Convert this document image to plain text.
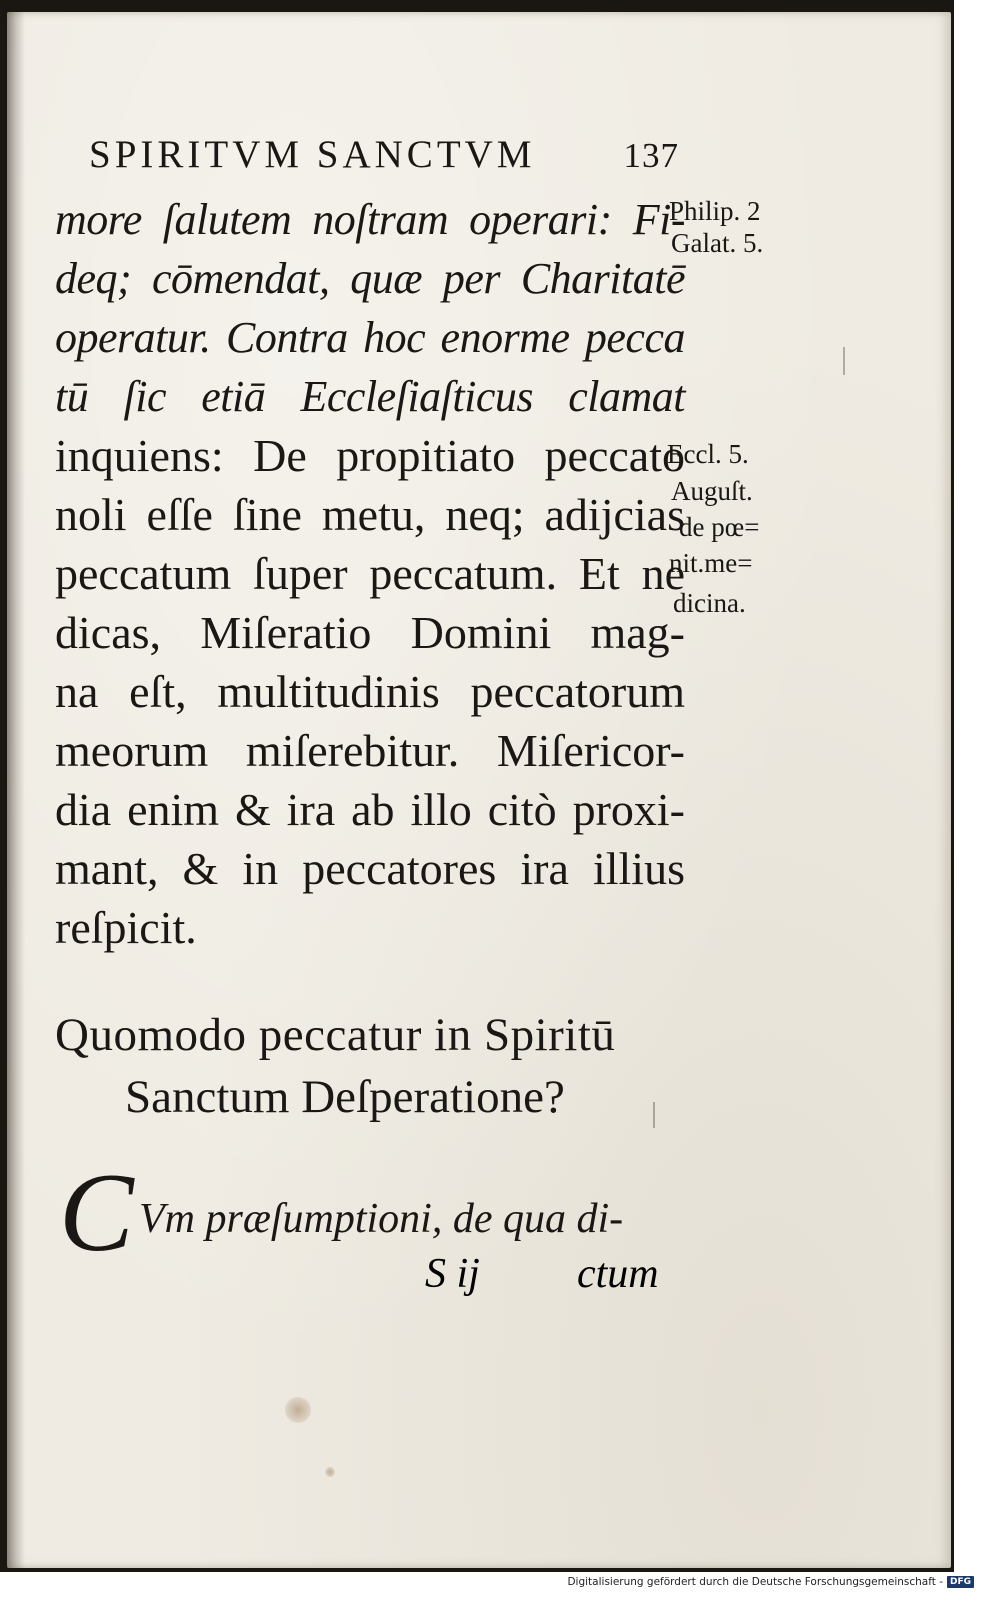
SPIRITVM SANCTVM	137
more ſalutem noſtram operari: Fi-
deq; cōmendat, quæ per Charitatē
operatur. Contra hoc enorme pecca
tū ſic etiā Eccleſiaſticus clamat
inquiens: De propitiato peccato
noli eſſe ſine metu, neq; adijcias
peccatum ſuper peccatum. Et ne
dicas, Miſeratio Domini mag-
na eſt, multitudinis peccatorum
meorum miſerebitur. Miſericor-
dia enim & ira ab illo citò proxi-
mant, & in peccatores ira illius
reſpicit.
Philip. 2
Galat. 5.
Eccl. 5.
Auguſt.
de pœ=
nit.me=
dicina.
Quomodo peccatur in Spiritū
Sanctum Deſperatione?
C Vm præſumptioni, de qua di-
S ij ctum
Digitalisierung gefördert durch die Deutsche Forschungsgemeinschaft - DFG
